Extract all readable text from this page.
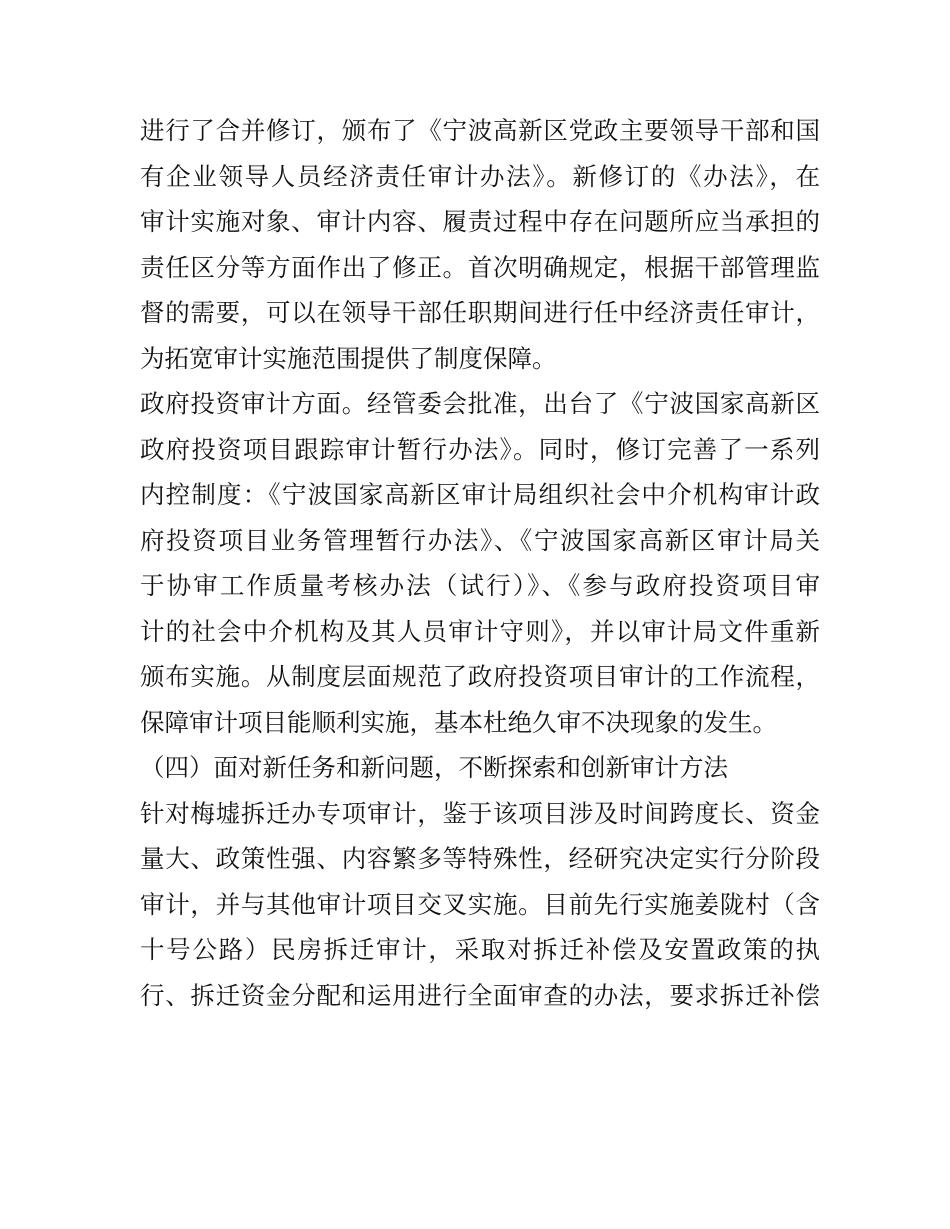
进行了合并修订，颁布了《宁波高新区党政主要领导干部和国
有企业领导人员经济责任审计办法》。新修订的《办法》，在
审计实施对象、审计内容、履责过程中存在问题所应当承担的
责任区分等方面作出了修正。首次明确规定，根据干部管理监
督的需要，可以在领导干部任职期间进行任中经济责任审计，
为拓宽审计实施范围提供了制度保障。
政府投资审计方面。经管委会批准，出台了《宁波国家高新区
政府投资项目跟踪审计暂行办法》。同时，修订完善了一系列
内控制度：《宁波国家高新区审计局组织社会中介机构审计政
府投资项目业务管理暂行办法》、《宁波国家高新区审计局关
于协审工作质量考核办法（试行）》、《参与政府投资项目审
计的社会中介机构及其人员审计守则》，并以审计局文件重新
颁布实施。从制度层面规范了政府投资项目审计的工作流程，
保障审计项目能顺利实施，基本杜绝久审不决现象的发生。
（四）面对新任务和新问题，不断探索和创新审计方法
针对梅墟拆迁办专项审计，鉴于该项目涉及时间跨度长、资金
量大、政策性强、内容繁多等特殊性，经研究决定实行分阶段
审计，并与其他审计项目交叉实施。目前先行实施姜陇村（含
十号公路）民房拆迁审计，采取对拆迁补偿及安置政策的执
行、拆迁资金分配和运用进行全面审查的办法，要求拆迁补偿
